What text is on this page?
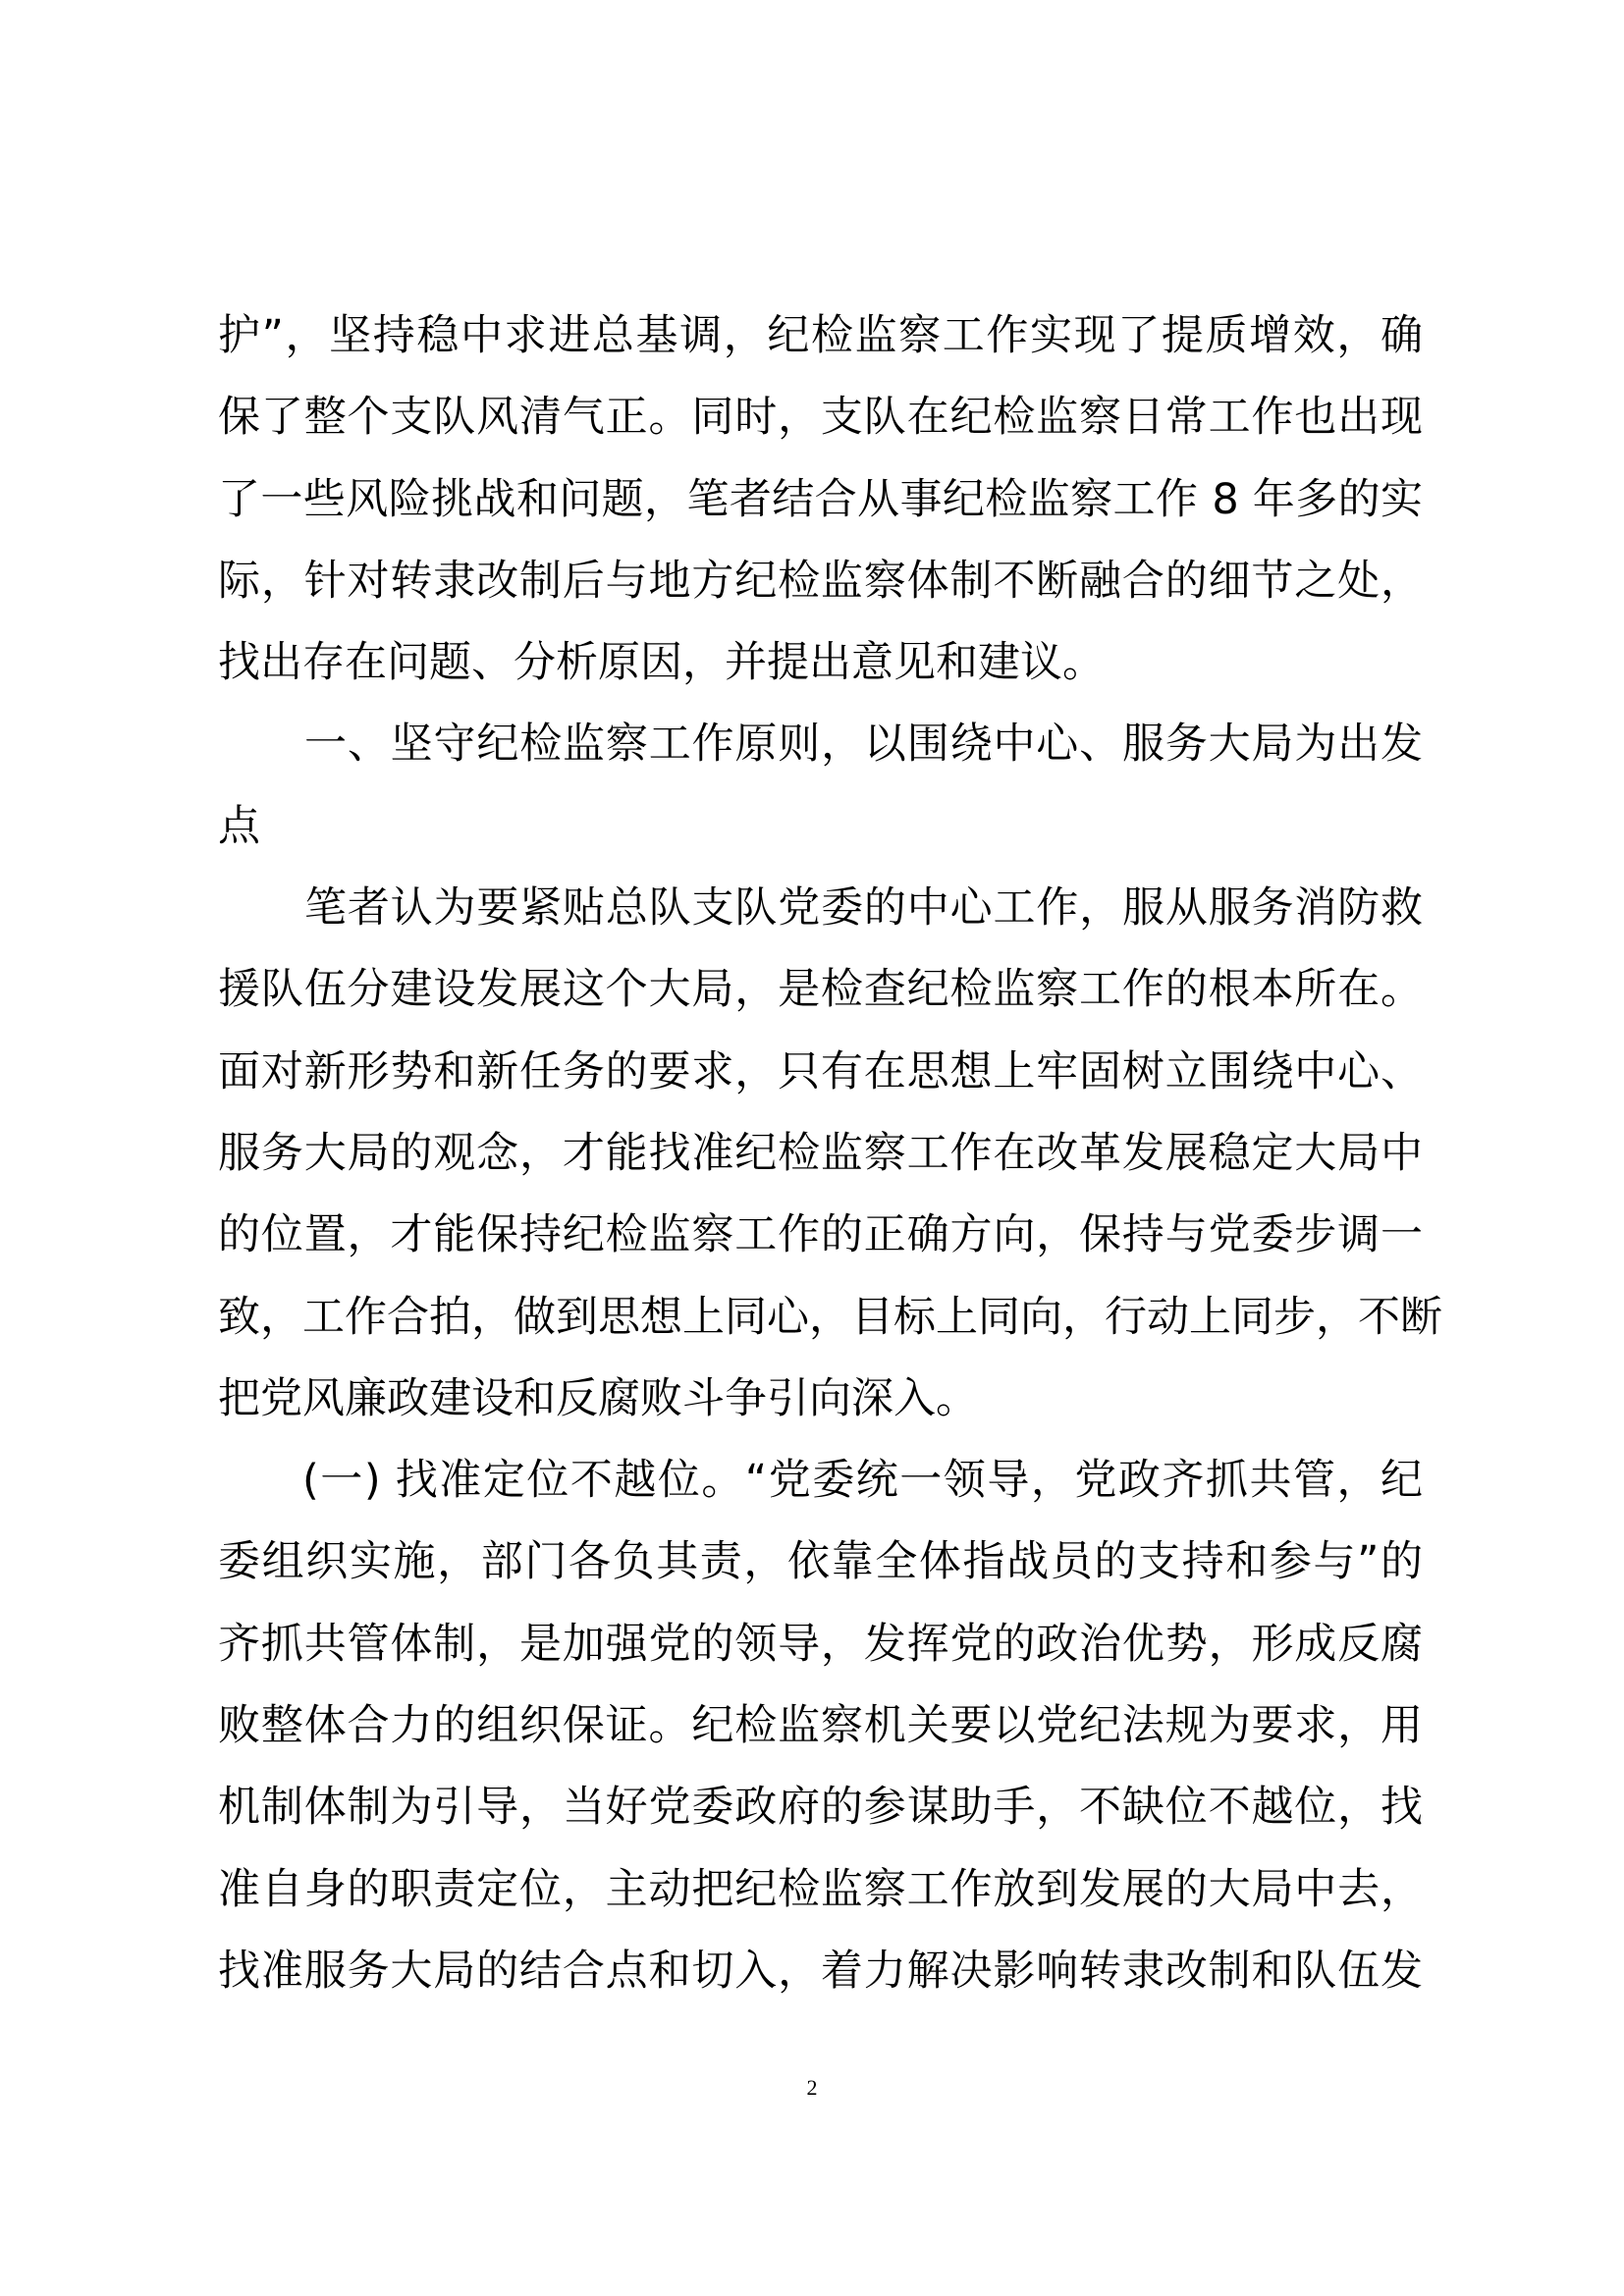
护”，坚持稳中求进总基调，纪检监察工作实现了提质增效，确
保了整个支队风清气正。同时，支队在纪检监察日常工作也出现
了一些风险挑战和问题，笔者结合从事纪检监察工作 8 年多的实
际，针对转隶改制后与地方纪检监察体制不断融合的细节之处，
找出存在问题、分析原因，并提出意见和建议。
一、坚守纪检监察工作原则，以围绕中心、服务大局为出发
点
笔者认为要紧贴总队支队党委的中心工作，服从服务消防救
援队伍分建设发展这个大局，是检查纪检监察工作的根本所在。
面对新形势和新任务的要求，只有在思想上牢固树立围绕中心、
服务大局的观念，才能找准纪检监察工作在改革发展稳定大局中
的位置，才能保持纪检监察工作的正确方向，保持与党委步调一
致，工作合拍，做到思想上同心，目标上同向，行动上同步，不断
把党风廉政建设和反腐败斗争引向深入。
(一) 找准定位不越位。“党委统一领导，党政齐抓共管，纪
委组织实施，部门各负其责，依靠全体指战员的支持和参与”的
齐抓共管体制，是加强党的领导，发挥党的政治优势，形成反腐
败整体合力的组织保证。纪检监察机关要以党纪法规为要求，用
机制体制为引导，当好党委政府的参谋助手，不缺位不越位，找
准自身的职责定位，主动把纪检监察工作放到发展的大局中去，
找准服务大局的结合点和切入，着力解决影响转隶改制和队伍发
2
